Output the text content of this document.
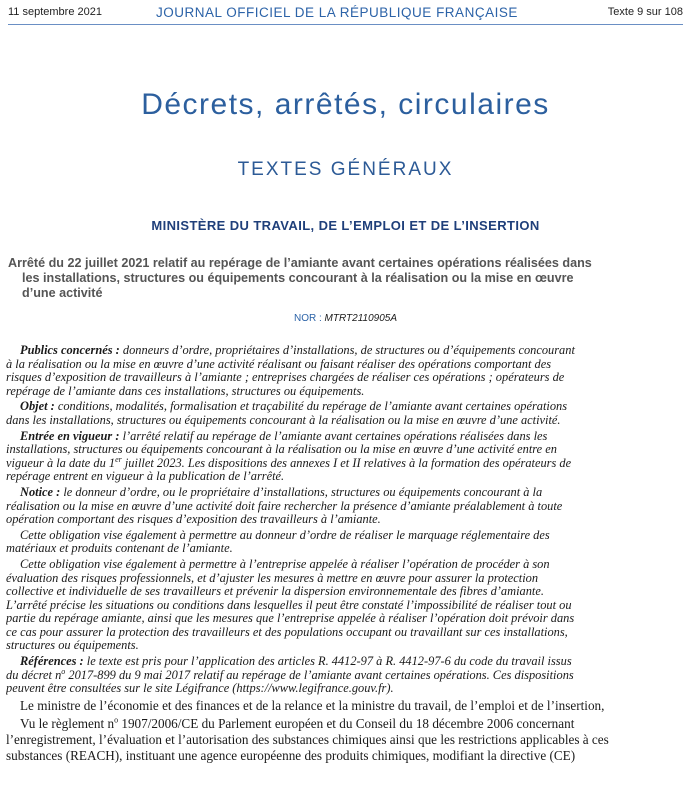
11 septembre 2021	JOURNAL OFFICIEL DE LA RÉPUBLIQUE FRANÇAISE	Texte 9 sur 108
Décrets, arrêtés, circulaires
TEXTES GÉNÉRAUX
MINISTÈRE DU TRAVAIL, DE L’EMPLOI ET DE L’INSERTION
Arrêté du 22 juillet 2021 relatif au repérage de l’amiante avant certaines opérations réalisées dans
les installations, structures ou équipements concourant à la réalisation ou la mise en œuvre
d’une activité
NOR : MTRT2110905A
Publics concernés : donneurs d’ordre, propriétaires d’installations, de structures ou d’équipements concourant
à la réalisation ou la mise en œuvre d’une activité réalisant ou faisant réaliser des opérations comportant des
risques d’exposition de travailleurs à l’amiante ; entreprises chargées de réaliser ces opérations ; opérateurs de
repérage de l’amiante dans ces installations, structures ou équipements.
Objet : conditions, modalités, formalisation et traçabilité du repérage de l’amiante avant certaines opérations
dans les installations, structures ou équipements concourant à la réalisation ou la mise en œuvre d’une activité.
Entrée en vigueur : l’arrêté relatif au repérage de l’amiante avant certaines opérations réalisées dans les
installations, structures ou équipements concourant à la réalisation ou la mise en œuvre d’une activité entre en
vigueur à la date du 1er juillet 2023. Les dispositions des annexes I et II relatives à la formation des opérateurs de
repérage entrent en vigueur à la publication de l’arrêté.
Notice : le donneur d’ordre, ou le propriétaire d’installations, structures ou équipements concourant à la
réalisation ou la mise en œuvre d’une activité doit faire rechercher la présence d’amiante préalablement à toute
opération comportant des risques d’exposition des travailleurs à l’amiante.
Cette obligation vise également à permettre au donneur d’ordre de réaliser le marquage réglementaire des
matériaux et produits contenant de l’amiante.
Cette obligation vise également à permettre à l’entreprise appelée à réaliser l’opération de procéder à son
évaluation des risques professionnels, et d’ajuster les mesures à mettre en œuvre pour assurer la protection
collective et individuelle de ses travailleurs et prévenir la dispersion environnementale des fibres d’amiante.
L’arrêté précise les situations ou conditions dans lesquelles il peut être constaté l’impossibilité de réaliser tout ou
partie du repérage amiante, ainsi que les mesures que l’entreprise appelée à réaliser l’opération doit prévoir dans
ce cas pour assurer la protection des travailleurs et des populations occupant ou travaillant sur ces installations,
structures ou équipements.
Références : le texte est pris pour l’application des articles R. 4412-97 à R. 4412-97-6 du code du travail issus
du décret $n^o$ 2017-899 du 9 mai 2017 relatif au repérage de l’amiante avant certaines opérations. Ces dispositions
peuvent être consultées sur le site Légifrance (https://www.legifrance.gouv.fr).
Le ministre de l’économie et des finances et de la relance et la ministre du travail, de l’emploi et de l’insertion,
Vu le règlement $n^o$ 1907/2006/CE du Parlement européen et du Conseil du 18 décembre 2006 concernant
l’enregistrement, l’évaluation et l’autorisation des substances chimiques ainsi que les restrictions applicables à ces
substances (REACH), instituant une agence européenne des produits chimiques, modifiant la directive (CE)
